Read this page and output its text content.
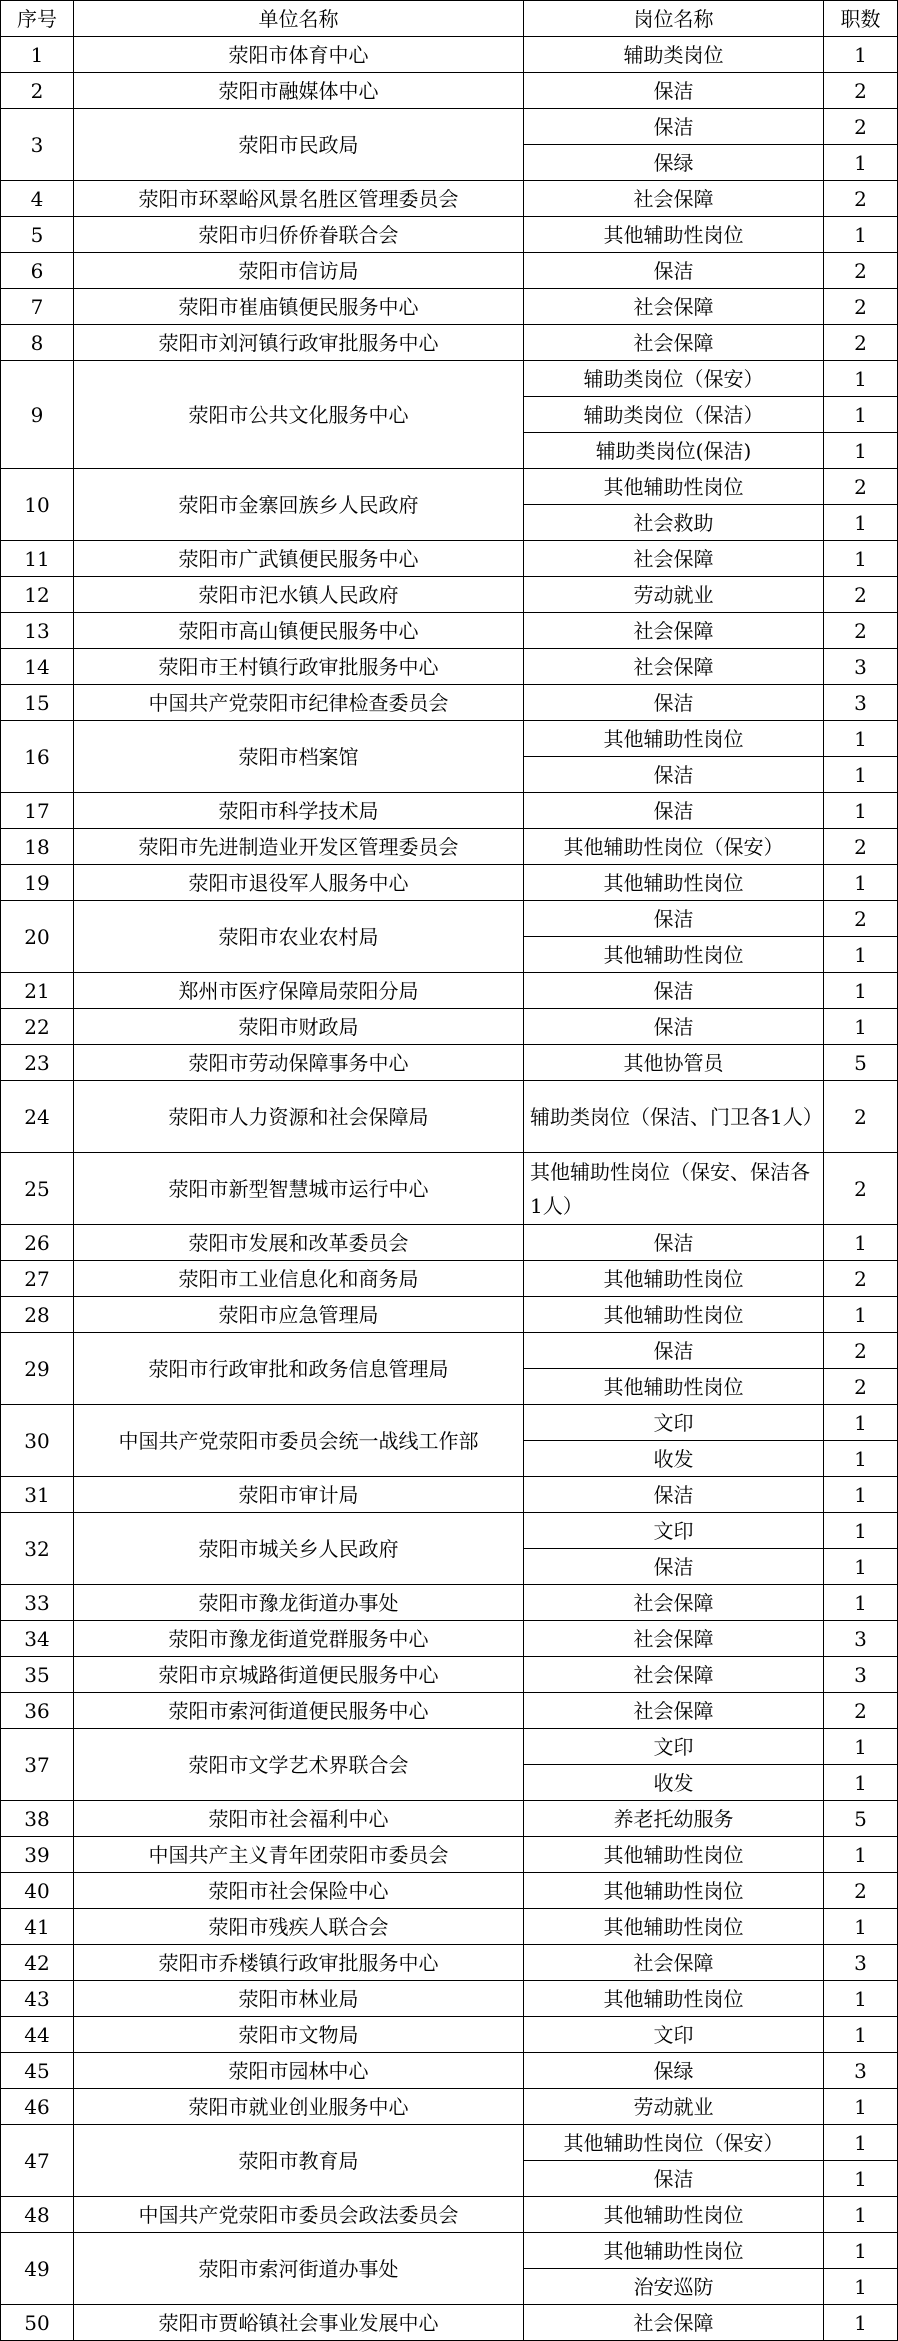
序号	单位名称	岗位名称	职数
1	荥阳市体育中心	辅助类岗位	1
2	荥阳市融媒体中心	保洁	2
3	荥阳市民政局	保洁	2
		保绿	1
4	荥阳市环翠峪风景名胜区管理委员会	社会保障	2
5	荥阳市归侨侨眷联合会	其他辅助性岗位	1
6	荥阳市信访局	保洁	2
7	荥阳市崔庙镇便民服务中心	社会保障	2
8	荥阳市刘河镇行政审批服务中心	社会保障	2
9	荥阳市公共文化服务中心	辅助类岗位（保安）	1
		辅助类岗位（保洁）	1
		辅助类岗位(保洁)	1
10	荥阳市金寨回族乡人民政府	其他辅助性岗位	2
		社会救助	1
11	荥阳市广武镇便民服务中心	社会保障	1
12	荥阳市汜水镇人民政府	劳动就业	2
13	荥阳市高山镇便民服务中心	社会保障	2
14	荥阳市王村镇行政审批服务中心	社会保障	3
15	中国共产党荥阳市纪律检查委员会	保洁	3
16	荥阳市档案馆	其他辅助性岗位	1
		保洁	1
17	荥阳市科学技术局	保洁	1
18	荥阳市先进制造业开发区管理委员会	其他辅助性岗位（保安）	2
19	荥阳市退役军人服务中心	其他辅助性岗位	1
20	荥阳市农业农村局	保洁	2
		其他辅助性岗位	1
21	郑州市医疗保障局荥阳分局	保洁	1
22	荥阳市财政局	保洁	1
23	荥阳市劳动保障事务中心	其他协管员	5
24	荥阳市人力资源和社会保障局	辅助类岗位（保洁、门卫各1人）	2
25	荥阳市新型智慧城市运行中心	其他辅助性岗位（保安、保洁各1人）	2
26	荥阳市发展和改革委员会	保洁	1
27	荥阳市工业信息化和商务局	其他辅助性岗位	2
28	荥阳市应急管理局	其他辅助性岗位	1
29	荥阳市行政审批和政务信息管理局	保洁	2
		其他辅助性岗位	2
30	中国共产党荥阳市委员会统一战线工作部	文印	1
		收发	1
31	荥阳市审计局	保洁	1
32	荥阳市城关乡人民政府	文印	1
		保洁	1
33	荥阳市豫龙街道办事处	社会保障	1
34	荥阳市豫龙街道党群服务中心	社会保障	3
35	荥阳市京城路街道便民服务中心	社会保障	3
36	荥阳市索河街道便民服务中心	社会保障	2
37	荥阳市文学艺术界联合会	文印	1
		收发	1
38	荥阳市社会福利中心	养老托幼服务	5
39	中国共产主义青年团荥阳市委员会	其他辅助性岗位	1
40	荥阳市社会保险中心	其他辅助性岗位	2
41	荥阳市残疾人联合会	其他辅助性岗位	1
42	荥阳市乔楼镇行政审批服务中心	社会保障	3
43	荥阳市林业局	其他辅助性岗位	1
44	荥阳市文物局	文印	1
45	荥阳市园林中心	保绿	3
46	荥阳市就业创业服务中心	劳动就业	1
47	荥阳市教育局	其他辅助性岗位（保安）	1
		保洁	1
48	中国共产党荥阳市委员会政法委员会	其他辅助性岗位	1
49	荥阳市索河街道办事处	其他辅助性岗位	1
		治安巡防	1
50	荥阳市贾峪镇社会事业发展中心	社会保障	1
